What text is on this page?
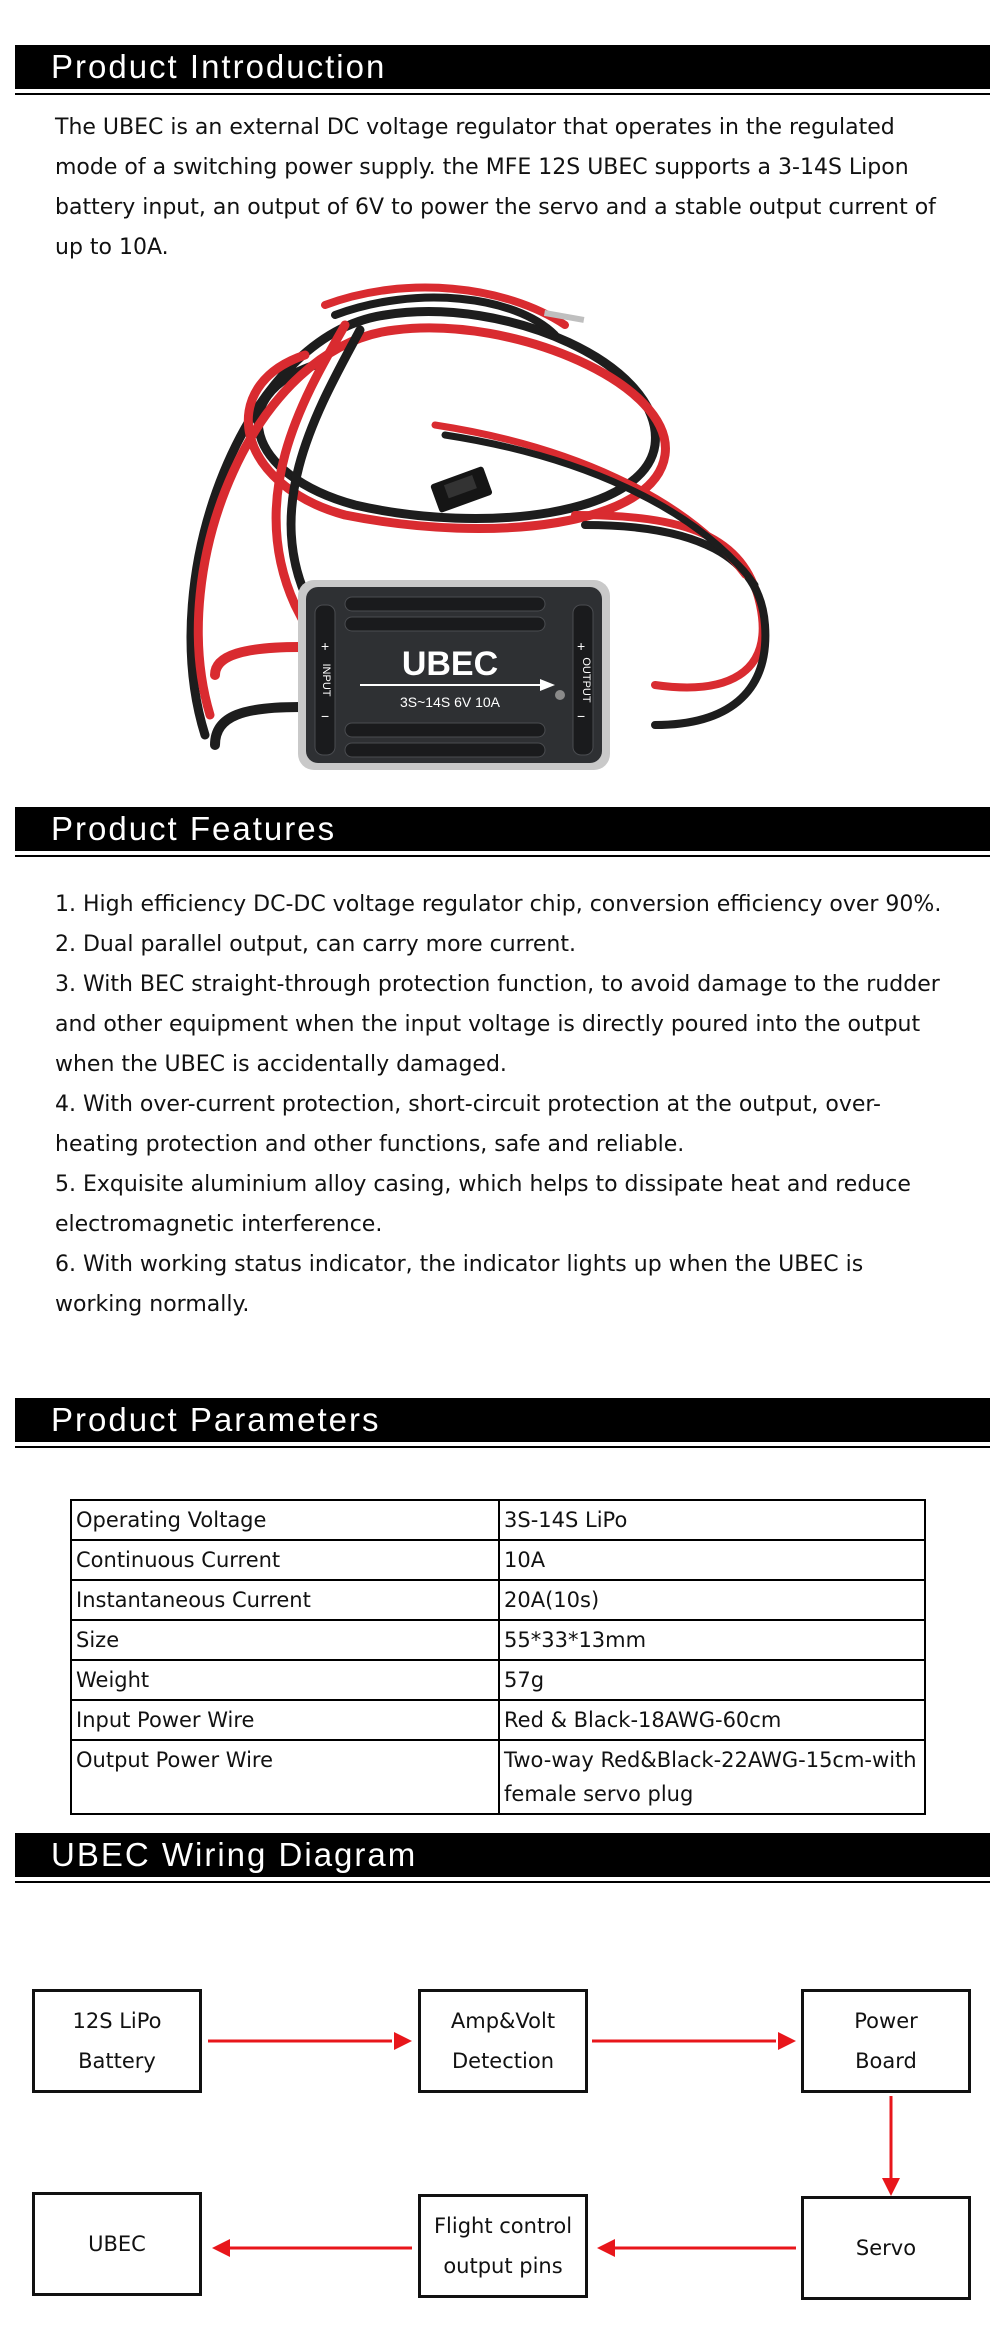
Product Introduction

The UBEC is an external DC voltage regulator that operates in the regulated mode of a switching power supply. the MFE 12S UBEC supports a 3-14S Lipon battery input, an output of 6V to power the servo and a stable output current of up to 10A.

UBEC
3S~14S 6V 10A
INPUT	OUTPUT
+
−
+
−
Product Features
1. High efficiency DC-DC voltage regulator chip, conversion efficiency over 90%.
2. Dual parallel output, can carry more current.
3. With BEC straight-through protection function, to avoid damage to the rudder and other equipment when the input voltage is directly poured into the output when the UBEC is accidentally damaged.
4. With over-current protection, short-circuit protection at the output, over-heating protection and other functions, safe and reliable.
5. Exquisite aluminium alloy casing, which helps to dissipate heat and reduce electromagnetic interference.
6. With working status indicator, the indicator lights up when the UBEC is working normally.
Product Parameters
Operating Voltage	3S-14S LiPo
Continuous Current	10A
Instantaneous Current	20A(10s)
Size	55*33*13mm
Weight	57g
Input Power Wire	Red & Black-18AWG-60cm
Output Power Wire	Two-way Red&Black-22AWG-15cm-with female servo plug
UBEC Wiring Diagram
12S LiPo Battery
Amp&Volt Detection
Power Board
UBEC
Flight control output pins
Servo
